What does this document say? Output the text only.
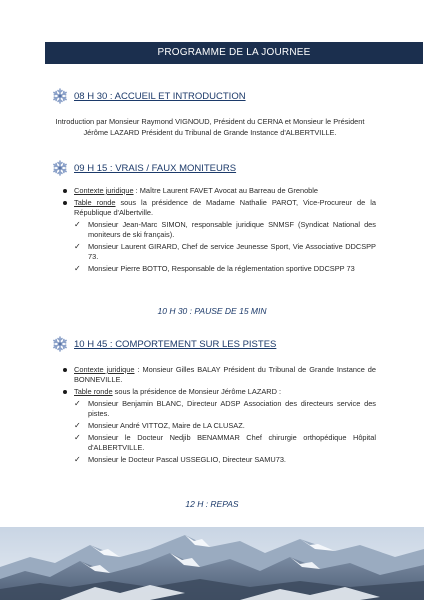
PROGRAMME DE LA JOURNEE
08 H 30 : ACCUEIL ET INTRODUCTION
Introduction par Monsieur Raymond VIGNOUD, Président du CERNA et Monsieur le Président Jérôme LAZARD Président du Tribunal de Grande Instance d'ALBERTVILLE.
09 H 15 : VRAIS / FAUX MONITEURS
Contexte juridique : Maître Laurent FAVET Avocat au Barreau de Grenoble
Table ronde sous la présidence de Madame Nathalie PAROT, Vice-Procureur de la République d'Albertville.
✓ Monsieur Jean-Marc SIMON, responsable juridique SNMSF (Syndicat National des moniteurs de ski français).
✓ Monsieur Laurent GIRARD, Chef de service Jeunesse Sport, Vie Associative DDCSPP 73.
✓ Monsieur Pierre BOTTO, Responsable de la réglementation sportive DDCSPP 73
10 H 30 : PAUSE DE 15 MIN
10 H 45 : COMPORTEMENT SUR LES PISTES
Contexte juridique : Monsieur Gilles BALAY Président du Tribunal de Grande Instance de BONNEVILLE.
Table ronde sous la présidence de Monsieur Jérôme LAZARD :
✓ Monsieur Benjamin BLANC, Directeur ADSP Association des directeurs service des pistes.
✓ Monsieur André VITTOZ, Maire de LA CLUSAZ.
✓ Monsieur le Docteur Nedjib BENAMMAR Chef chirurgie orthopédique Hôpital d'ALBERTVILLE.
✓ Monsieur le Docteur Pascal USSEGLIO, Directeur SAMU73.
12 H : REPAS
